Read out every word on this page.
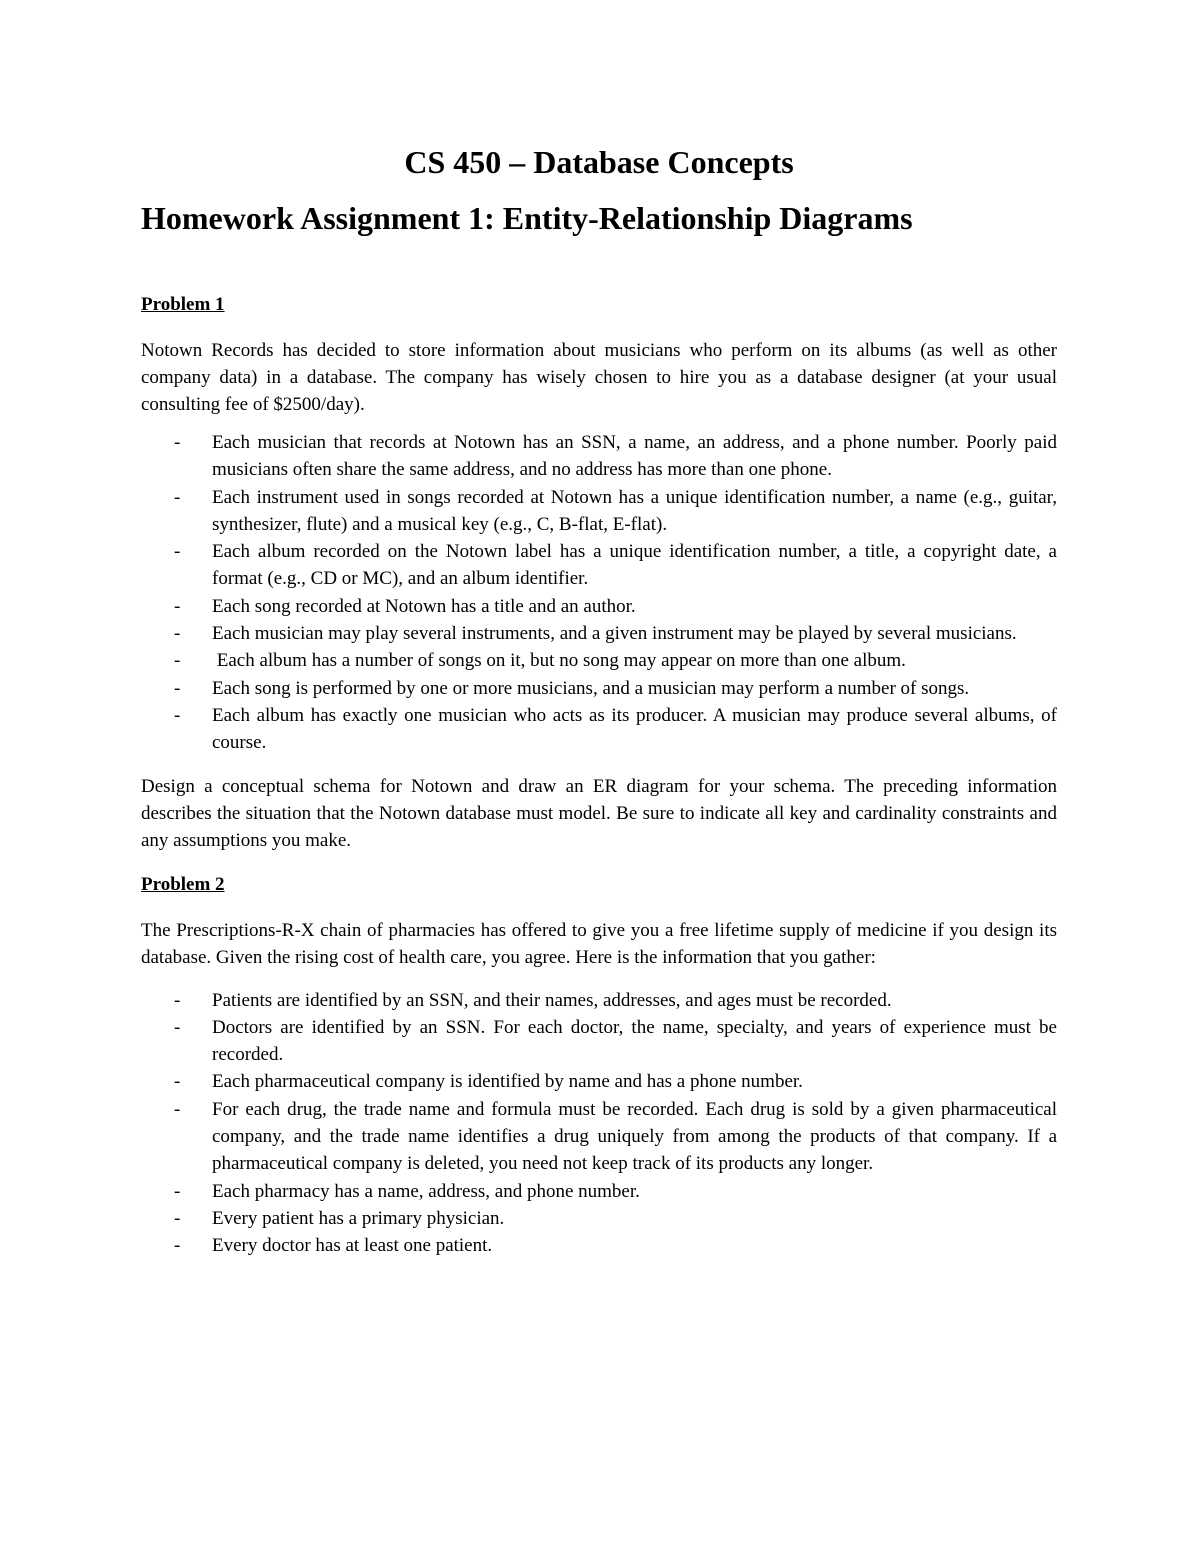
CS 450 – Database Concepts
Homework Assignment 1: Entity-Relationship Diagrams
Problem 1

Notown Records has decided to store information about musicians who perform on its albums (as well as other company data) in a database. The company has wisely chosen to hire you as a database designer (at your usual consulting fee of $2500/day).

- Each musician that records at Notown has an SSN, a name, an address, and a phone number. Poorly paid musicians often share the same address, and no address has more than one phone.
- Each instrument used in songs recorded at Notown has a unique identification number, a name (e.g., guitar, synthesizer, flute) and a musical key (e.g., C, B-flat, E-flat).
- Each album recorded on the Notown label has a unique identification number, a title, a copyright date, a format (e.g., CD or MC), and an album identifier.
- Each song recorded at Notown has a title and an author.
- Each musician may play several instruments, and a given instrument may be played by several musicians.
- Each album has a number of songs on it, but no song may appear on more than one album.
- Each song is performed by one or more musicians, and a musician may perform a number of songs.
- Each album has exactly one musician who acts as its producer. A musician may produce several albums, of course.

Design a conceptual schema for Notown and draw an ER diagram for your schema. The preceding information describes the situation that the Notown database must model. Be sure to indicate all key and cardinality constraints and any assumptions you make.

Problem 2

The Prescriptions-R-X chain of pharmacies has offered to give you a free lifetime supply of medicine if you design its database. Given the rising cost of health care, you agree. Here is the information that you gather:

- Patients are identified by an SSN, and their names, addresses, and ages must be recorded.
- Doctors are identified by an SSN. For each doctor, the name, specialty, and years of experience must be recorded.
- Each pharmaceutical company is identified by name and has a phone number.
- For each drug, the trade name and formula must be recorded. Each drug is sold by a given pharmaceutical company, and the trade name identifies a drug uniquely from among the products of that company. If a pharmaceutical company is deleted, you need not keep track of its products any longer.
- Each pharmacy has a name, address, and phone number.
- Every patient has a primary physician.
- Every doctor has at least one patient.
